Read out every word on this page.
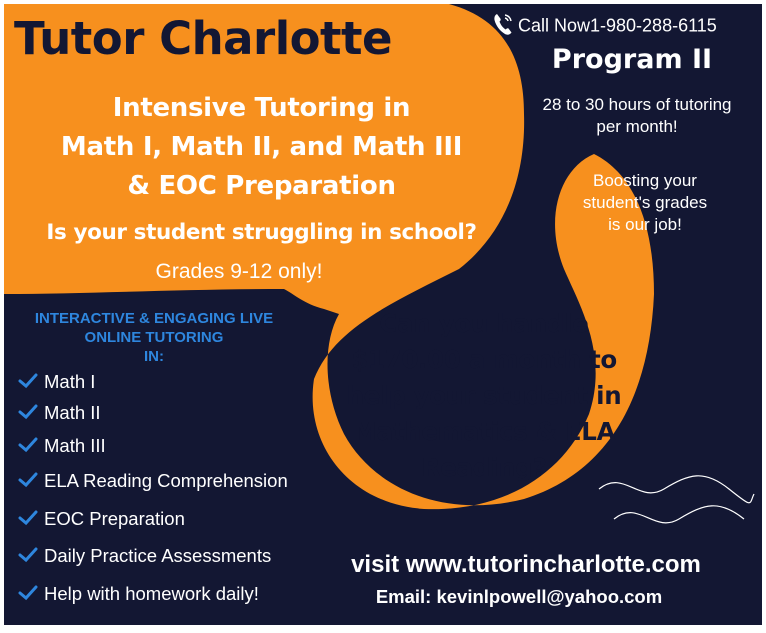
Tutor Charlotte
Intensive Tutoring in
Math I, Math II, and Math III
& EOC Preparation
Is your student struggling in school?
Grades 9-12 only!
Call Now1-980-288-6115
Program II
28 to 30 hours of tutoring
per month!
Boosting your
student's grades
is our job!
INTERACTIVE & ENGAGING LIVE
ONLINE TUTORING
IN:
Math I
Math II
Math III
ELA Reading Comprehension
EOC Preparation
Daily Practice Assessments
Help with homework daily!
Can you handle
$170.00 a month to
help your student in
Mathematics & ELA
Reading?
visit www.tutorincharlotte.com
Email: kevinlpowell@yahoo.com
